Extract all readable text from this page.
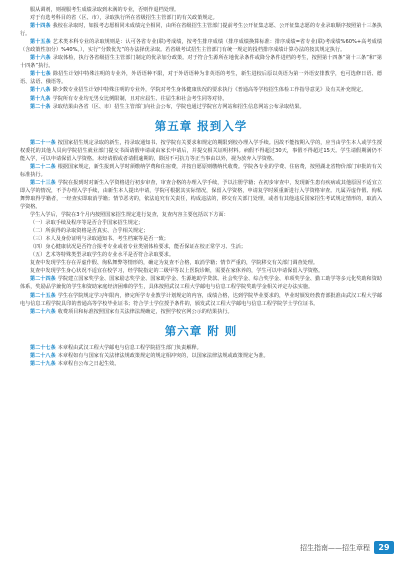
服从调剂，则视服考生成绩录取到未满的专业，否则作退档处理。

对于有选考科目的省（区、市），录取执行所在省级招生主管部门的有关政策规定。

第十四条 我校在录取时，如报考志愿相同未成绩完全相同，由所在省级招生主管部门提前考生公开征集志愿、公开征集志愿的专业录取顺序按照第十三条执行。

第十五条 艺术类本科专业的录取规则是：认可各省专业(联)考成绩，按考生排序成绩（排序成绩换算标准：排序成绩=省专业(联)考成绩%60%+高考成绩（含政策性加分）%40%。），实行“分数优先”的办法择优录取。若省级考试招生主管部门有统一规定的投档排序成绩计算办法的按其规定执行。

第十六条 录取体检，执行各省级招生主管部门制定的优录加分政策。对于符合生源所在地优录条件或降分条件进档的考生，按照第十四条“第十三条”和“第十四条”执行。

第十七条 除招生计划中特殊注明的专业外，外语语种不限，对于外语语种为非英语的考生，新生进校后原以英语为第一外语安排教学，也可选修日语、德语、法语、俄语等。

第十八条 除少数专业招生计划中特殊注明的专业外，学院对考生身体健康状况的要求执行《普通高等学校招生体检工作指导意见》及有关补充规定。

第十九条 学院所有专业均无男女比例限制，且对应届生、往届生和社会考生同等对待。

第二十条 录取结果由各省（区、市）招生主管部门向社会公布，学院也通过学院官方网站和招生信息网站公布录取结果。

第五章 报到入学

第二十一条 按国家招生规定录取的新生，持录取通知书、按学院有关要求和规定的期限到校办理入学手续。因故不能按期入学的，应当由学生本人或学生授权委托的其他人员向学院招生就业部门提交书面请假申请或由家长申请后，并提交相关证明材料。病假不得超过30天，事假不得超过15天。学生请假期满仍不能入学，可以申请保留入学资格。未经请假或者请假逾期的，除因不可抗力等正当事由以外，视为放弃入学资格。

第二十二条 根据国家规定，新生报到入学时须缴纳学费和住宿费，并按自愿原则缴纳代收费。学院各专业的学费、住宿费，按照湖北省物价部门审批的有关标准执行。

第二十三条 学院在报到时对新生入学资格进行初步审查，审查合格的办理入学手续，予以注册学籍；在初步审查中，发现新生患有疾病或其他原因不适宜立即入学的情况，不予办理入学手续，由新生本人提出申请，学院可根据其实际情况，保留入学资格，申请复学时须重新进行入学资格审查。凡属弄虚作假、徇私舞弊取得学籍者，一经查实即取消学籍；情节恶劣的，依法追究有关责任，构成违法的，移交有关部门处理，或者有其他违反国家招生考试规定情形的，取消入学资格。

学生入学后，学院在3个月内按照国家招生规定进行复查，复查内容主要包括以下方面：

（一）录取手续及程序等是否合乎国家招生规定；

（二）所获得的录取资格是否真实、合乎相关规定；

（三）本人及身份证明与录取通知书、考生档案等是否一致；

（四）身心健康状况是否符合报考专业或者专业类别体检要求，能否保证在校正常学习、生活；

（五）艺术等特殊类型录取学生的专业水平是否符合录取要求。

复查中发现学生存在弄虚作假、徇私舞弊等情形的，确定为复查不合格，取消学籍；情节严重的，学院移交有关部门调查处理。

复查中发现学生身心状况不适宜在校学习，经学院指定的二级甲等以上医院诊断，需要在家休养的，学生可以申请保留入学资格。

第二十四条 学院建立国家奖学金、国家励志奖学金、国家助学金、生源地助学贷款、社会奖学金、综合奖学金、单项奖学金、勤工助学等多元化奖助和资助体系，奖励品学兼优的学生和资助家庭经济困难的学生，具体按照武汉工程大学邮电与信息工程学院奖助学金相关评定办法实施。

第二十五条 学生在学院规定学习年限内，修完所学专业教学计划规定的内容，成绩合格，达到学院毕业要求的，毕业时颁发经教育部批准由武汉工程大学邮电与信息工程学院具印的普通高等学校毕业证书；符合学士学位授予条件的，颁发武汉工程大学邮电与信息工程学院学士学位证书。

第二十六条 收费项目和标准按照国家有关法律法规确定，按照学校官网公示的结果执行。

第六章 附 则

第二十七条 本章程由武汉工程大学邮电与信息工程学院招生部门负责解释。

第二十八条 本章程如有与国家有关法律法规政策规定的规定相冲突的，以国家法律法规或政策规定为准。

第二十九条 本章程自公布之日起生效。

招生指南——招生章程	29
